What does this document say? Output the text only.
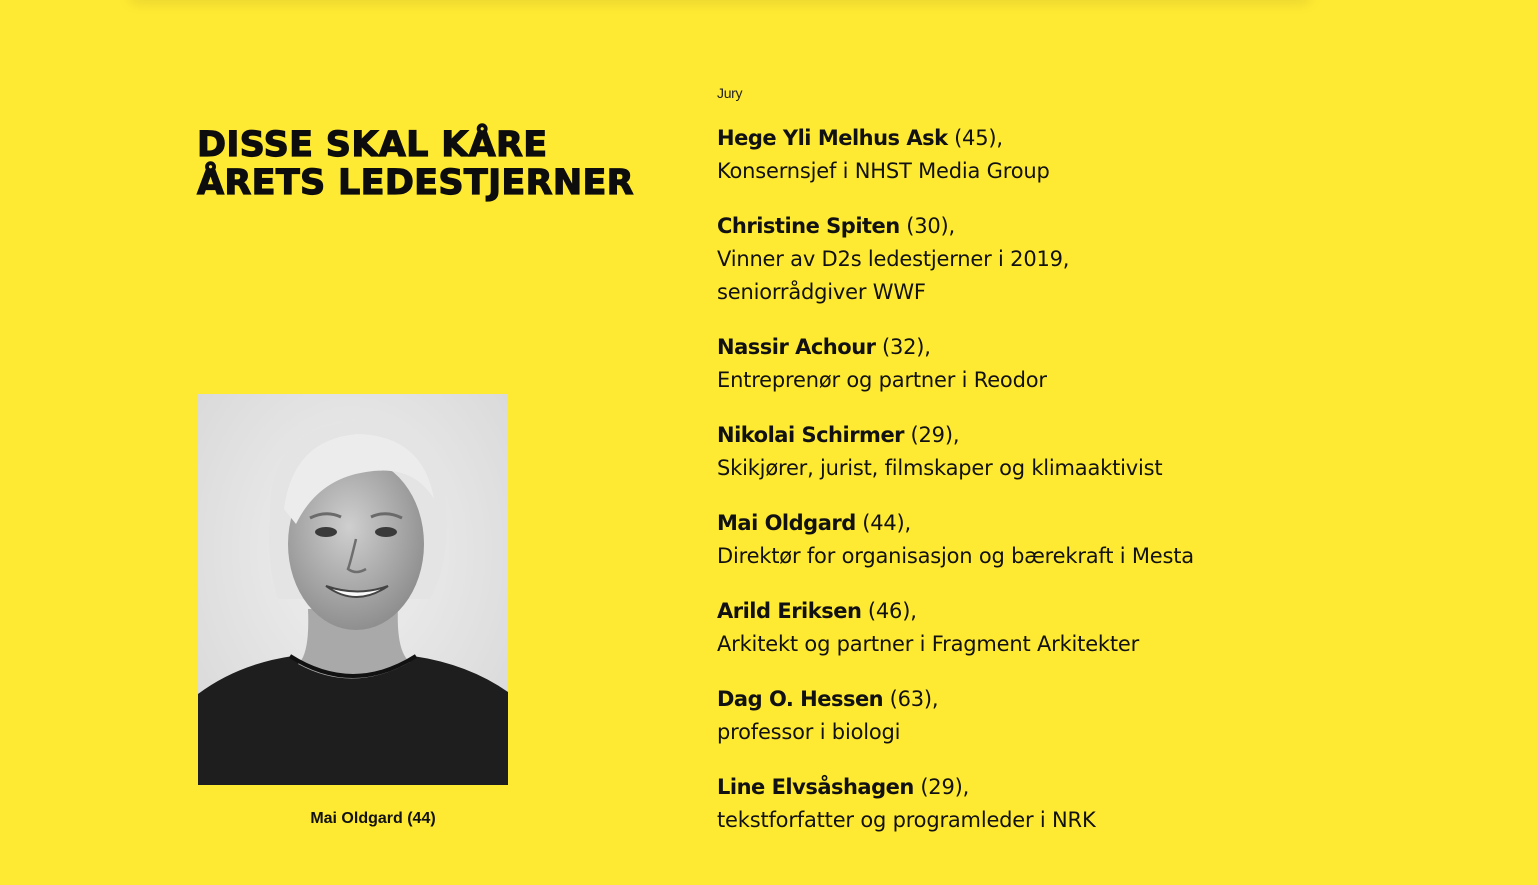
DISSE SKAL KÅRE ÅRETS LEDESTJERNER
Mai Oldgard (44)
Jury
Hege Yli Melhus Ask (45),
Konsernsjef i NHST Media Group
Christine Spiten (30),
Vinner av D2s ledestjerner i 2019,
seniorrådgiver WWF
Nassir Achour (32),
Entreprenør og partner i Reodor
Nikolai Schirmer (29),
Skikjører, jurist, filmskaper og klimaaktivist
Mai Oldgard (44),
Direktør for organisasjon og bærekraft i Mesta
Arild Eriksen (46),
Arkitekt og partner i Fragment Arkitekter
Dag O. Hessen (63),
professor i biologi
Line Elvsåshagen (29),
tekstforfatter og programleder i NRK
